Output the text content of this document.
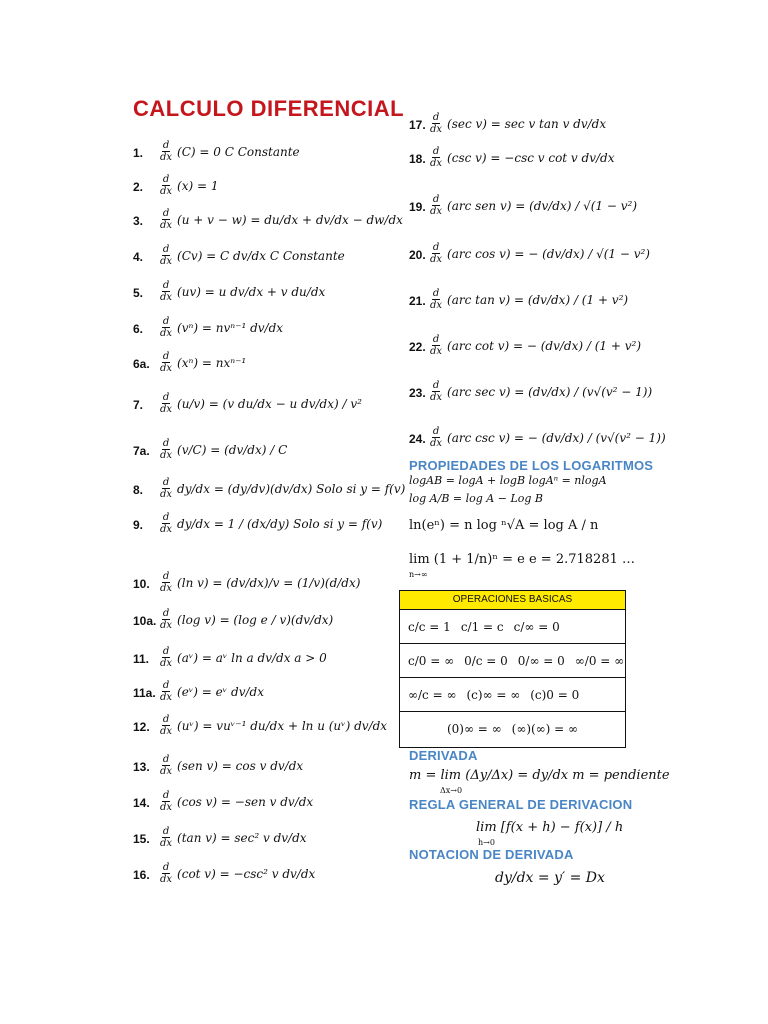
CALCULO DIFERENCIAL
1. $\frac{d}{dx} (C) = 0$ C Constante
2. $\frac{d}{dx} (x) = 1$
3. $\frac{d}{dx} (u + v - w) = du/dx + dv/dx - dw/dx$
4. $\frac{d}{dx} (Cv) = C$ dv/dx C Constante
5. $\frac{d}{dx} (uv) = u$ dv/dx + v du/dx
6. $\frac{d}{dx} (v^n) = nv^{n-1}$ dv/dx
6a. $\frac{d}{dx} (x^n) = nx^{n-1}$
7. $\frac{d}{dx} (u/v) = (v$ du/dx − u dv/dx) / v²
7a. $\frac{d}{dx} (v/C) = (dv/dx) / C$
8. $\frac{d}{dx} dy/dx = (dy/dv)(dv/dx)$ Solo si y = f(v)
9. $\frac{d}{dx} dy/dx = 1 / (dx/dy)$ Solo si y = f(v)
10. $\frac{d}{dx} (\ln$ v) = (dv/dx)/v = (1/v)(d/dx)
10a. $\frac{d}{dx} (\log$ v) = (log e / v)(dv/dx)
11. $\frac{d}{dx}$ (aᵛ) = aᵛ ln a dv/dx a > 0
11a. $\frac{d}{dx}$ (eᵛ) = eᵛ dv/dx
12. $\frac{d}{dx}$ (uᵛ) = vuᵛ⁻¹ du/dx + ln u (uᵛ) dv/dx
13. $\frac{d}{dx} (sen$ v) = cos v dv/dx
14. $\frac{d}{dx} (\cos$ v) = −sen v dv/dx
15. $\frac{d}{dx} (\tan$ v) = sec² v dv/dx
16. $\frac{d}{dx} (\cot$ v) = −csc² v dv/dx
17. $\frac{d}{dx} (\sec$ v) = sec v tan v dv/dx
18. $\frac{d}{dx} (\csc$ v) = −csc v cot v dv/dx
19. $\frac{d}{dx} (arc$ sen v) = (dv/dx) / √(1 − v²)
20. $\frac{d}{dx} (arc$ cos v) = − (dv/dx) / √(1 − v²)
21. $\frac{d}{dx} (arc$ tan v) = (dv/dx) / (1 + v²)
22. $\frac{d}{dx} (arc$ cot v) = − (dv/dx) / (1 + v²)
23. $\frac{d}{dx} (arc$ sec v) = (dv/dx) / (v√(v² − 1))
24. $\frac{d}{dx} (arc$ csc v) = − (dv/dx) / (v√(v² − 1))
PROPIEDADES DE LOS LOGARITMOS
logAB = logA + logB logAⁿ = nlogA
log A/B = log A − Log B
ln(eⁿ) = n log ⁿ√A = log A / n
lim (1 + 1/n)ⁿ = e e = 2.718281 …
n→∞
OPERACIONES BASICAS
c/c = 1 c/1 = c c/∞ = 0
c/0 = ∞ 0/c = 0 0/∞ = 0 ∞/0 = ∞
∞/c = ∞ (c)∞ = ∞ (c)0 = 0
(0)∞ = ∞ (∞)(∞) = ∞
DERIVADA
m = lim (Δy/Δx) = dy/dx m = pendiente
Δx→0
REGLA GENERAL DE DERIVACION
lim [f(x + h) − f(x)] / h
h→0
NOTACION DE DERIVADA
dy/dx = y′ = Dx
